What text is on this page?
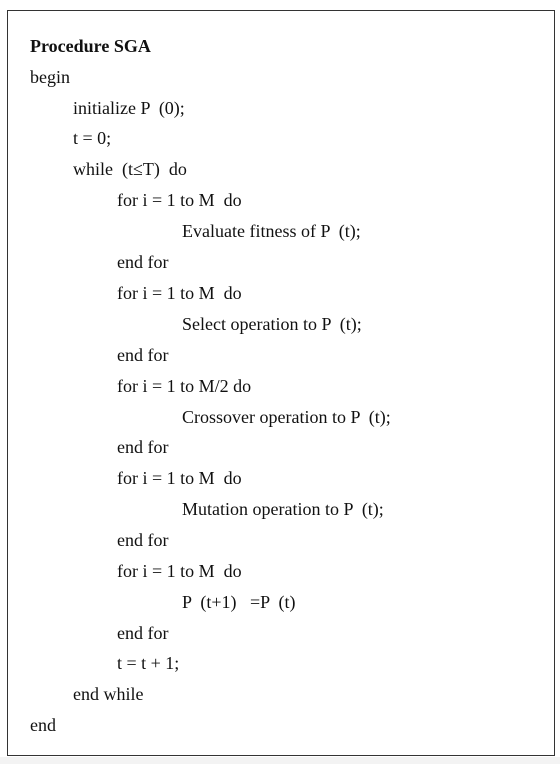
Procedure SGA
begin
initialize P  (0);
t = 0;
while  (t≤T)  do
for i = 1 to M  do
Evaluate fitness of P  (t);
end for
for i = 1 to M  do
Select operation to P  (t);
end for
for i = 1 to M/2 do
Crossover operation to P  (t);
end for
for i = 1 to M  do
Mutation operation to P  (t);
end for
for i = 1 to M  do
P  (t+1)   =P  (t)
end for
t = t + 1;
end while
end
